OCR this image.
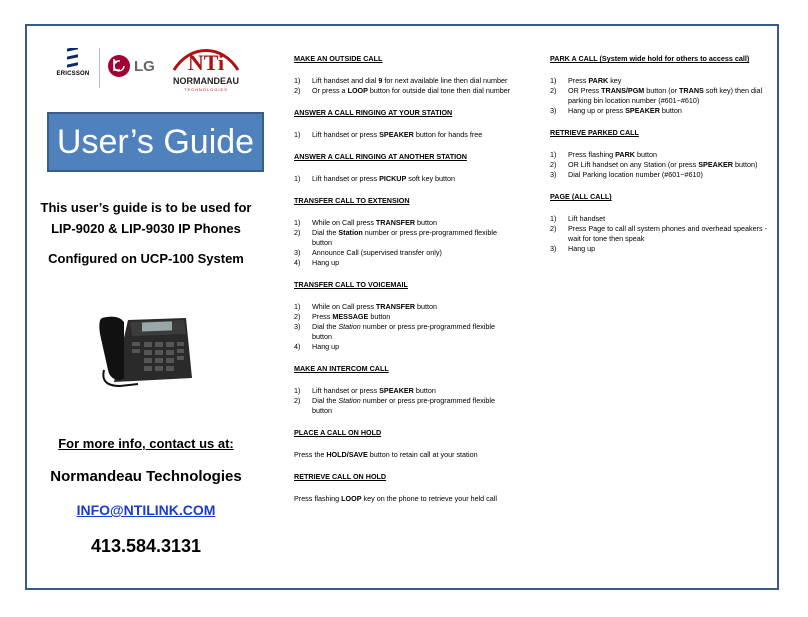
ERICSSON	LG NTi
NORMANDEAU
TECHNOLOGIES
User’s Guide
This user’s guide is to be used for
LIP-9020 & LIP-9030 IP Phones
Configured on UCP-100 System
For more info, contact us at:
Normandeau Technologies
INFO@NTILINK.COM
413.584.3131
MAKE AN OUTSIDE CALL
1) Lift handset and dial 9 for next available line then dial number
2) Or press a LOOP button for outside dial tone then dial number
ANSWER A CALL RINGING AT YOUR STATION
1) Lift handset or press SPEAKER button for hands free
ANSWER A CALL RINGING AT ANOTHER STATION
1) Lift handset or press PICKUP soft key button
TRANSFER CALL TO EXTENSION
1) While on Call press TRANSFER button
2) Dial the Station number or press pre-programmed flexible button
3) Announce Call (supervised transfer only)
4) Hang up
TRANSFER CALL TO VOICEMAIL
1) While on Call press TRANSFER button
2) Press MESSAGE button
3) Dial the Station number or press pre-programmed flexible button
4) Hang up
MAKE AN INTERCOM CALL
1) Lift handset or press SPEAKER button
2) Dial the Station number or press pre-programmed flexible button
PLACE A CALL ON HOLD
Press the HOLD/SAVE button to retain call at your station
RETRIEVE CALL ON HOLD
Press flashing LOOP key on the phone to retrieve your held call
PARK A CALL (System wide hold for others to access call)
1) Press PARK key
2) OR Press TRANS/PGM button (or TRANS soft key) then dial parking bin location number (#601~#610)
3) Hang up or press SPEAKER button
RETRIEVE PARKED CALL
1) Press flashing PARK button
2) OR Lift handset on any Station (or press SPEAKER button)
3) Dial Parking location number (#601~#610)
PAGE (ALL CALL)
1) Lift handset
2) Press Page to call all system phones and overhead speakers - wait for tone then speak
3) Hang up
